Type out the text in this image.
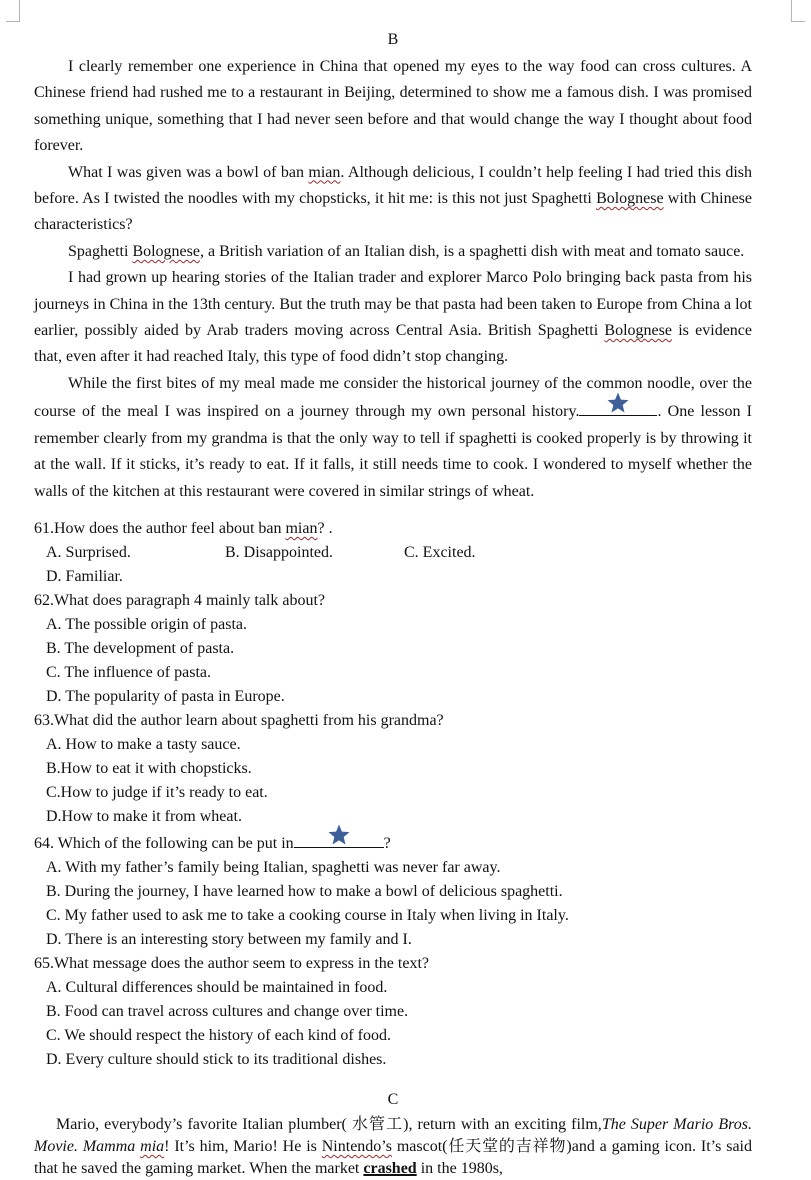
B

I clearly remember one experience in China that opened my eyes to the way food can cross cultures. A Chinese friend had rushed me to a restaurant in Beijing, determined to show me a famous dish. I was promised something unique, something that I had never seen before and that would change the way I thought about food forever.

What I was given was a bowl of ban mian. Although delicious, I couldn’t help feeling I had tried this dish before. As I twisted the noodles with my chopsticks, it hit me: is this not just Spaghetti Bolognese with Chinese characteristics?

Spaghetti Bolognese, a British variation of an Italian dish, is a spaghetti dish with meat and tomato sauce.

I had grown up hearing stories of the Italian trader and explorer Marco Polo bringing back pasta from his journeys in China in the 13th century. But the truth may be that pasta had been taken to Europe from China a lot earlier, possibly aided by Arab traders moving across Central Asia. British Spaghetti Bolognese is evidence that, even after it had reached Italy, this type of food didn’t stop changing.

While the first bites of my meal made me consider the historical journey of the common noodle, over the course of the meal I was inspired on a journey through my own personal history.	. One lesson I remember clearly from my grandma is that the only way to tell if spaghetti is cooked properly is by throwing it at the wall. If it sticks, it’s ready to eat. If it falls, it still needs time to cook. I wondered to myself whether the walls of the kitchen at this restaurant were covered in similar strings of wheat.

61.How does the author feel about ban mian? .
A. Surprised.	B. Disappointed.	C. Excited.
D. Familiar.
62.What does paragraph 4 mainly talk about?
A. The possible origin of pasta.
B. The development of pasta.
C. The influence of pasta.
D. The popularity of pasta in Europe.
63.What did the author learn about spaghetti from his grandma?
A. How to make a tasty sauce.
B.How to eat it with chopsticks.
C.How to judge if it’s ready to eat.
D.How to make it from wheat.
64. Which of the following can be put in	?
A. With my father’s family being Italian, spaghetti was never far away.
B. During the journey, I have learned how to make a bowl of delicious spaghetti.
C. My father used to ask me to take a cooking course in Italy when living in Italy.
D. There is an interesting story between my family and I.
65.What message does the author seem to express in the text?
A. Cultural differences should be maintained in food.
B. Food can travel across cultures and change over time.
C. We should respect the history of each kind of food.
D. Every culture should stick to its traditional dishes.
C

Mario, everybody’s favorite Italian plumber( 水管工), return with an exciting film,The Super Mario Bros. Movie. Mamma mia! It’s him, Mario! He is Nintendo’s mascot(任天堂的吉祥物)and a gaming icon. It’s said that he saved the gaming market. When the market crashed in the 1980s,
